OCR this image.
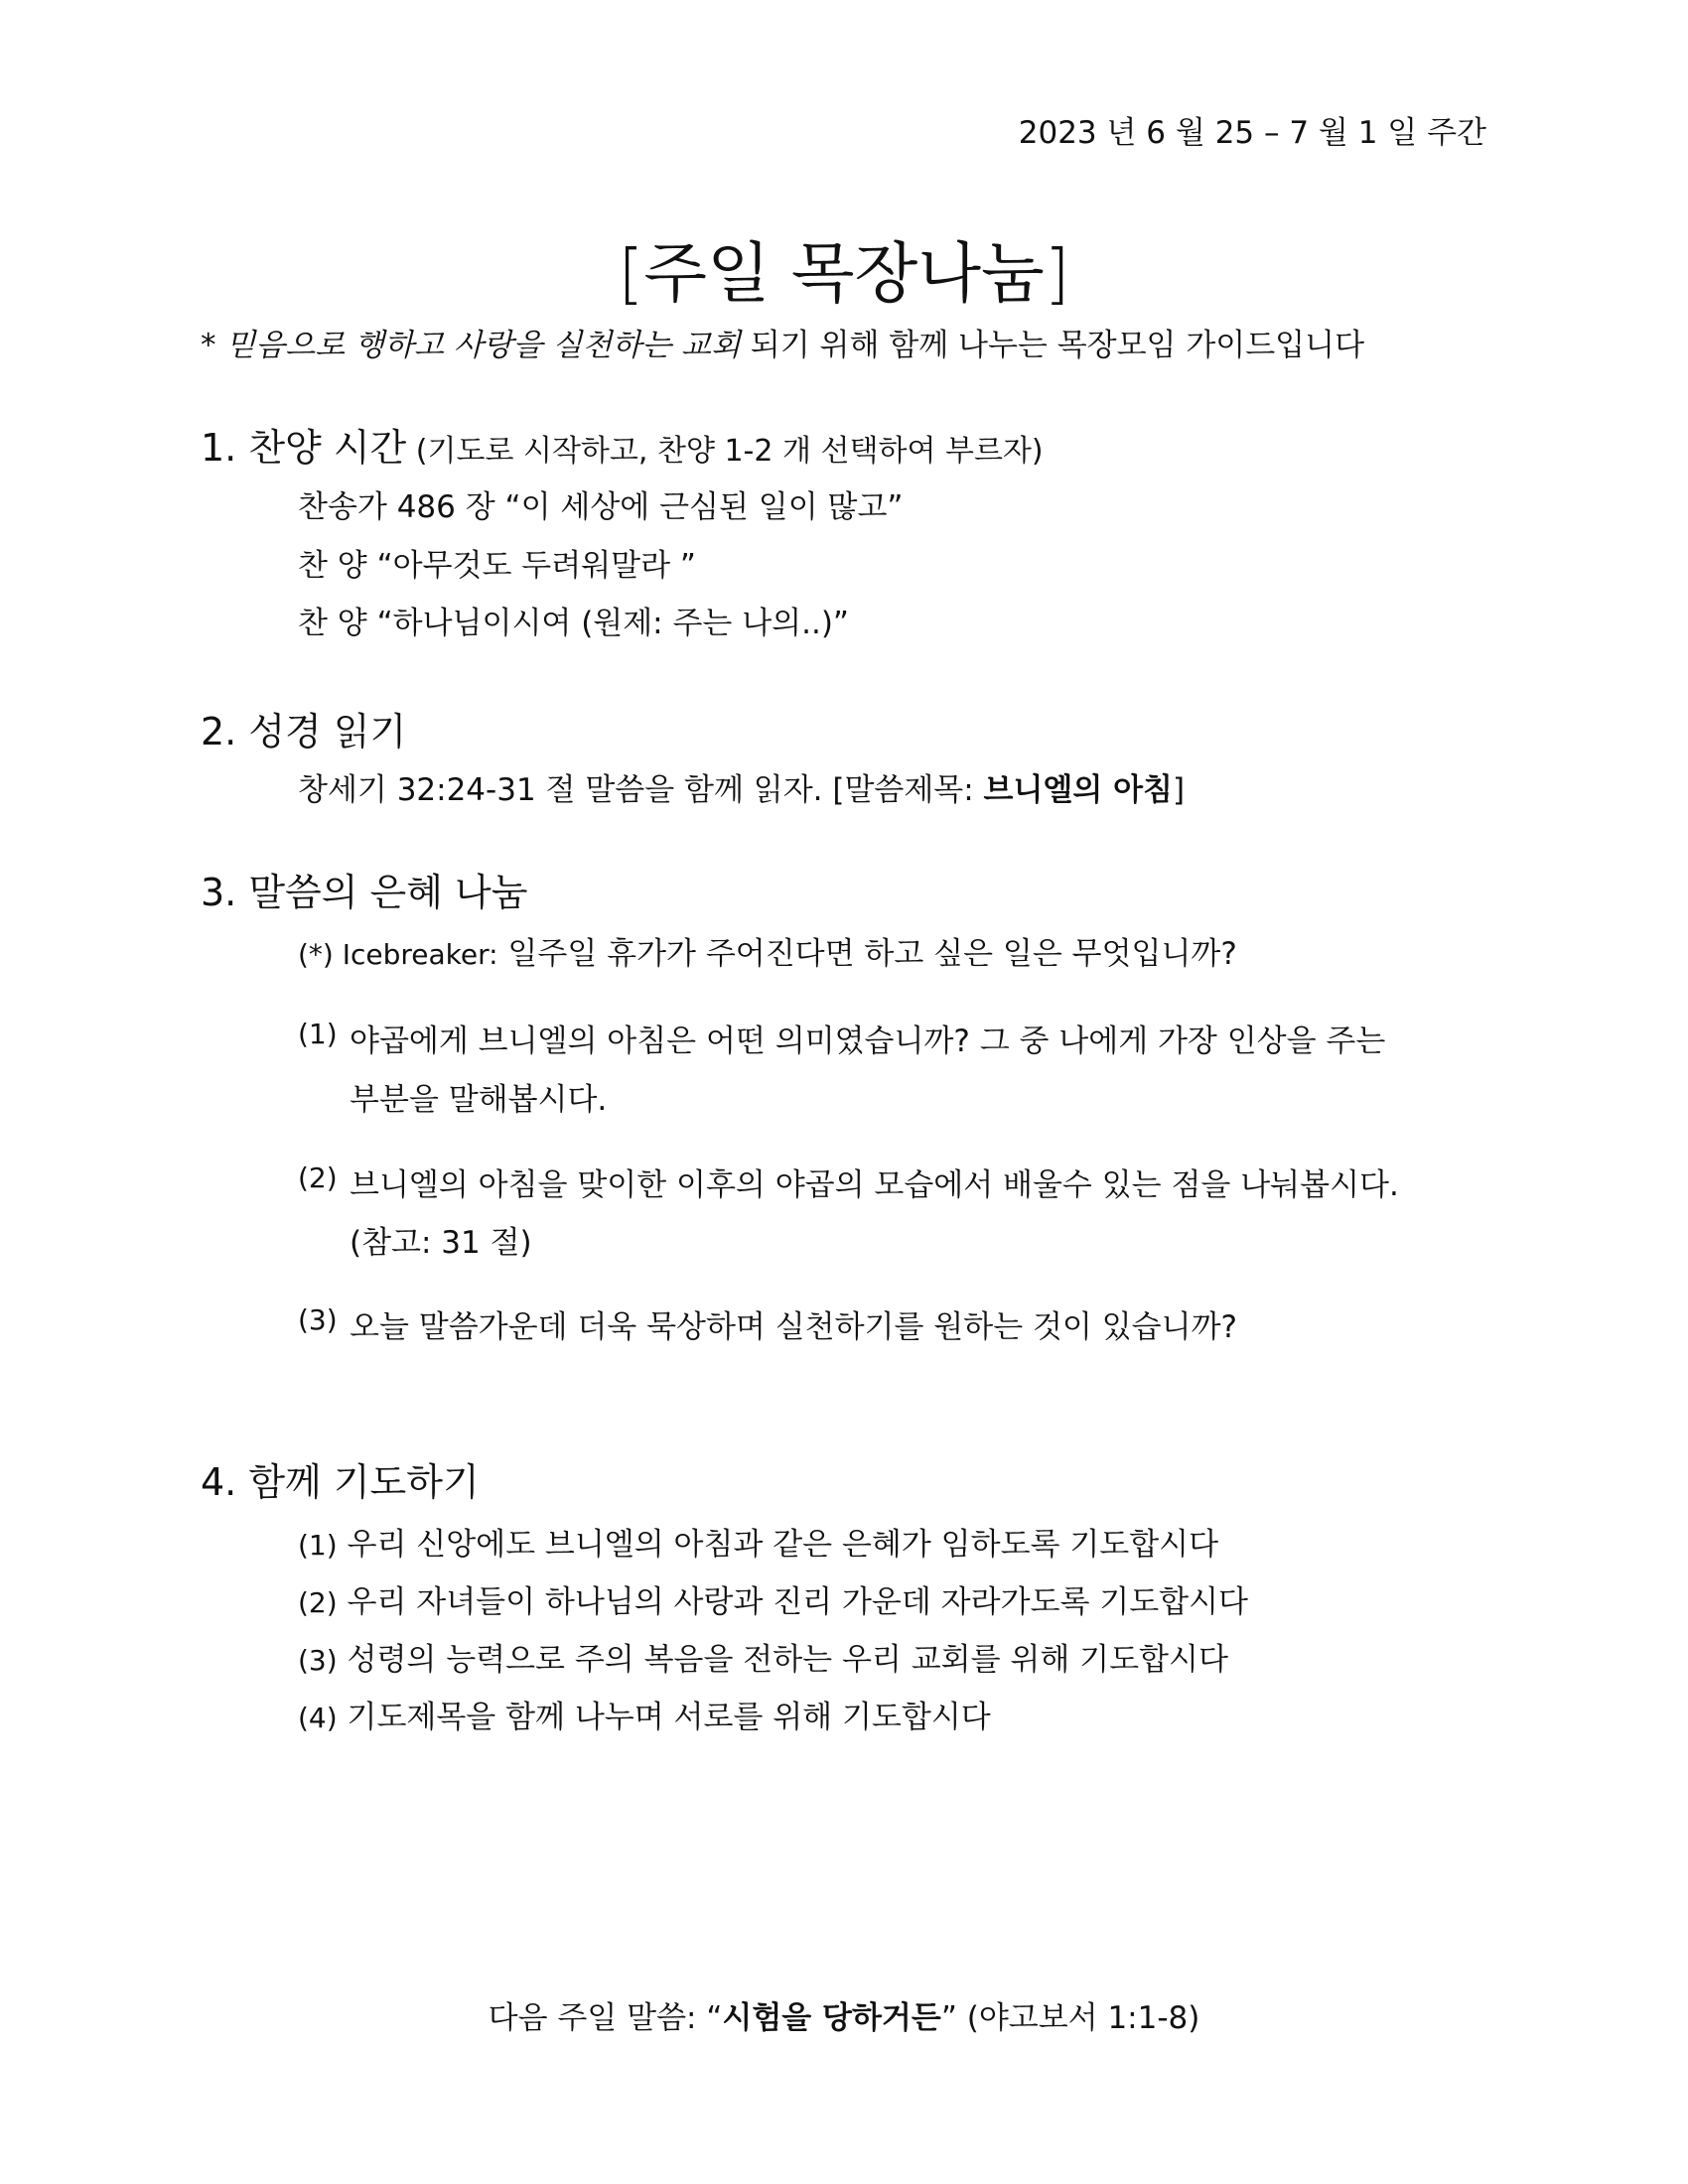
2023 년 6 월 25 – 7 월 1 일 주간
[주일 목장나눔]
* 믿음으로 행하고 사랑을 실천하는 교회 되기 위해 함께 나누는 목장모임 가이드입니다
1. 찬양 시간 (기도로 시작하고, 찬양 1-2 개 선택하여 부르자)
찬송가 486 장 “이 세상에 근심된 일이 많고”
찬 양 “아무것도 두려워말라 ”
찬 양 “하나님이시여 (원제: 주는 나의..)”
2. 성경 읽기
창세기 32:24-31 절 말씀을 함께 읽자. [말씀제목: 브니엘의 아침]
3. 말씀의 은혜 나눔
(*) Icebreaker: 일주일 휴가가 주어진다면 하고 싶은 일은 무엇입니까?
(1) 야곱에게 브니엘의 아침은 어떤 의미였습니까? 그 중 나에게 가장 인상을 주는
부분을 말해봅시다.
(2) 브니엘의 아침을 맞이한 이후의 야곱의 모습에서 배울수 있는 점을 나눠봅시다.
(참고: 31 절)
(3) 오늘 말씀가운데 더욱 묵상하며 실천하기를 원하는 것이 있습니까?
4. 함께 기도하기
(1) 우리 신앙에도 브니엘의 아침과 같은 은혜가 임하도록 기도합시다
(2) 우리 자녀들이 하나님의 사랑과 진리 가운데 자라가도록 기도합시다
(3) 성령의 능력으로 주의 복음을 전하는 우리 교회를 위해 기도합시다
(4) 기도제목을 함께 나누며 서로를 위해 기도합시다
다음 주일 말씀: “시험을 당하거든” (야고보서 1:1-8)
